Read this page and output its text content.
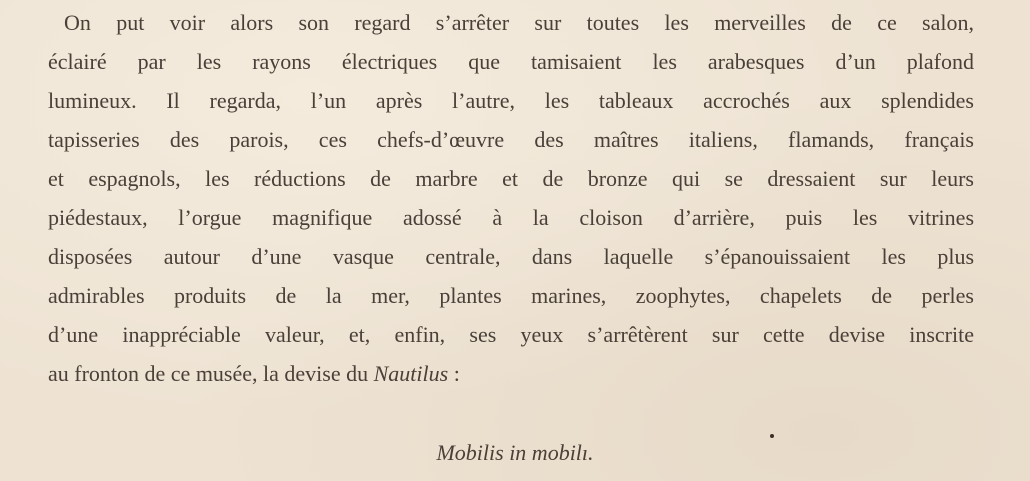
On put voir alors son regard s’arrêter sur toutes les merveilles de ce salon,
éclairé par les rayons électriques que tamisaient les arabesques d’un plafond
lumineux. Il regarda, l’un après l’autre, les tableaux accrochés aux splendides
tapisseries des parois, ces chefs-d’œuvre des maîtres italiens, flamands, français
et espagnols, les réductions de marbre et de bronze qui se dressaient sur leurs
piédestaux, l’orgue magnifique adossé à la cloison d’arrière, puis les vitrines
disposées autour d’une vasque centrale, dans laquelle s’épanouissaient les plus
admirables produits de la mer, plantes marines, zoophytes, chapelets de perles
d’une inappréciable valeur, et, enfin, ses yeux s’arrêtèrent sur cette devise inscrite
au fronton de ce musée, la devise du Nautilus :
Mobilis in mobilı.
